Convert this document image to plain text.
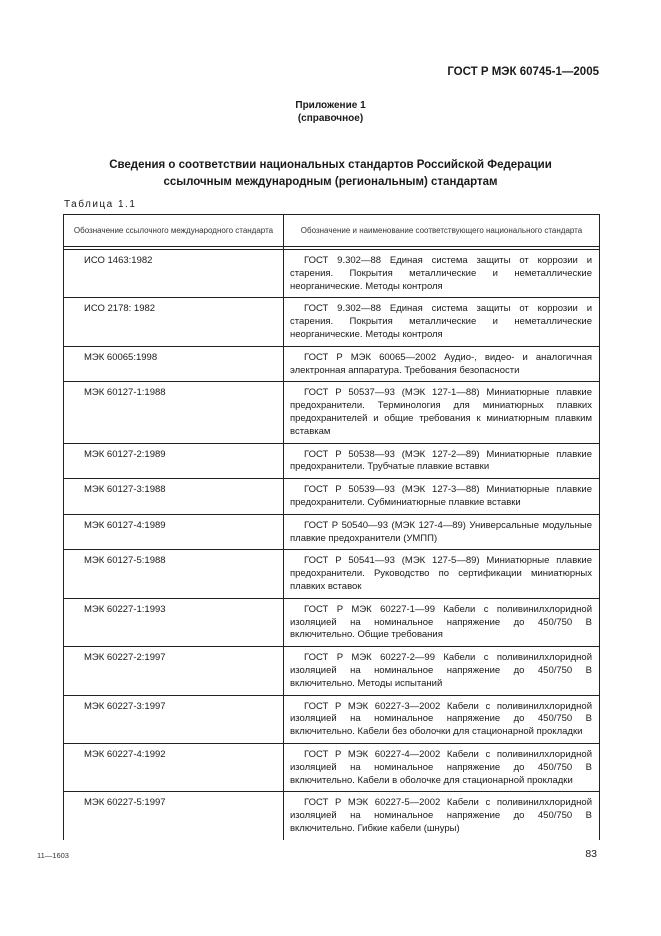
ГОСТ Р МЭК 60745-1—2005
Приложение 1
(справочное)
Сведения о соответствии национальных стандартов Российской Федерации
ссылочным международным (региональным) стандартам
Таблица 1.1
Обозначение ссылочного международного стандарта	Обозначение и наименование соответствующего национального стандарта

ИСО 1463:1982	ГОСТ 9.302—88 Единая система защиты от коррозии и старения. Покрытия металлические и неметаллические неорганические. Методы контроля
ИСО 2178: 1982	ГОСТ 9.302—88 Единая система защиты от коррозии и старения. Покрытия металлические и неметаллические неорганические. Методы контроля
МЭК 60065:1998	ГОСТ Р МЭК 60065—2002 Аудио-, видео- и аналогичная электронная аппаратура. Требования безопасности
МЭК 60127-1:1988	ГОСТ Р 50537—93 (МЭК 127-1—88) Миниатюрные плавкие предохранители. Терминология для миниатюрных плавких предохранителей и общие требования к миниатюрным плавким вставкам
МЭК 60127-2:1989	ГОСТ Р 50538—93 (МЭК 127-2—89) Миниатюрные плавкие предохранители. Трубчатые плавкие вставки
МЭК 60127-3:1988	ГОСТ Р 50539—93 (МЭК 127-3—88) Миниатюрные плавкие предохранители. Субминиатюрные плавкие вставки
МЭК 60127-4:1989	ГОСТ Р 50540—93 (МЭК 127-4—89) Универсальные модульные плавкие предохранители (УМПП)
МЭК 60127-5:1988	ГОСТ Р 50541—93 (МЭК 127-5—89) Миниатюрные плавкие предохранители. Руководство по сертификации миниатюрных плавких вставок
МЭК 60227-1:1993	ГОСТ Р МЭК 60227-1—99 Кабели с поливинилхлоридной изоляцией на номинальное напряжение до 450/750 В включительно. Общие требования
МЭК 60227-2:1997	ГОСТ Р МЭК 60227-2—99 Кабели с поливинилхлоридной изоляцией на номинальное напряжение до 450/750 В включительно. Методы испытаний
МЭК 60227-3:1997	ГОСТ Р МЭК 60227-3—2002 Кабели с поливинилхлоридной изоляцией на номинальное напряжение до 450/750 В включительно. Кабели без оболочки для стационарной прокладки
МЭК 60227-4:1992	ГОСТ Р МЭК 60227-4—2002 Кабели с поливинилхлоридной изоляцией на номинальное напряжение до 450/750 В включительно. Кабели в оболочке для стационарной прокладки
МЭК 60227-5:1997	ГОСТ Р МЭК 60227-5—2002 Кабели с поливинилхлоридной изоляцией на номинальное напряжение до 450/750 В включительно. Гибкие кабели (шнуры)
11—1603	83
